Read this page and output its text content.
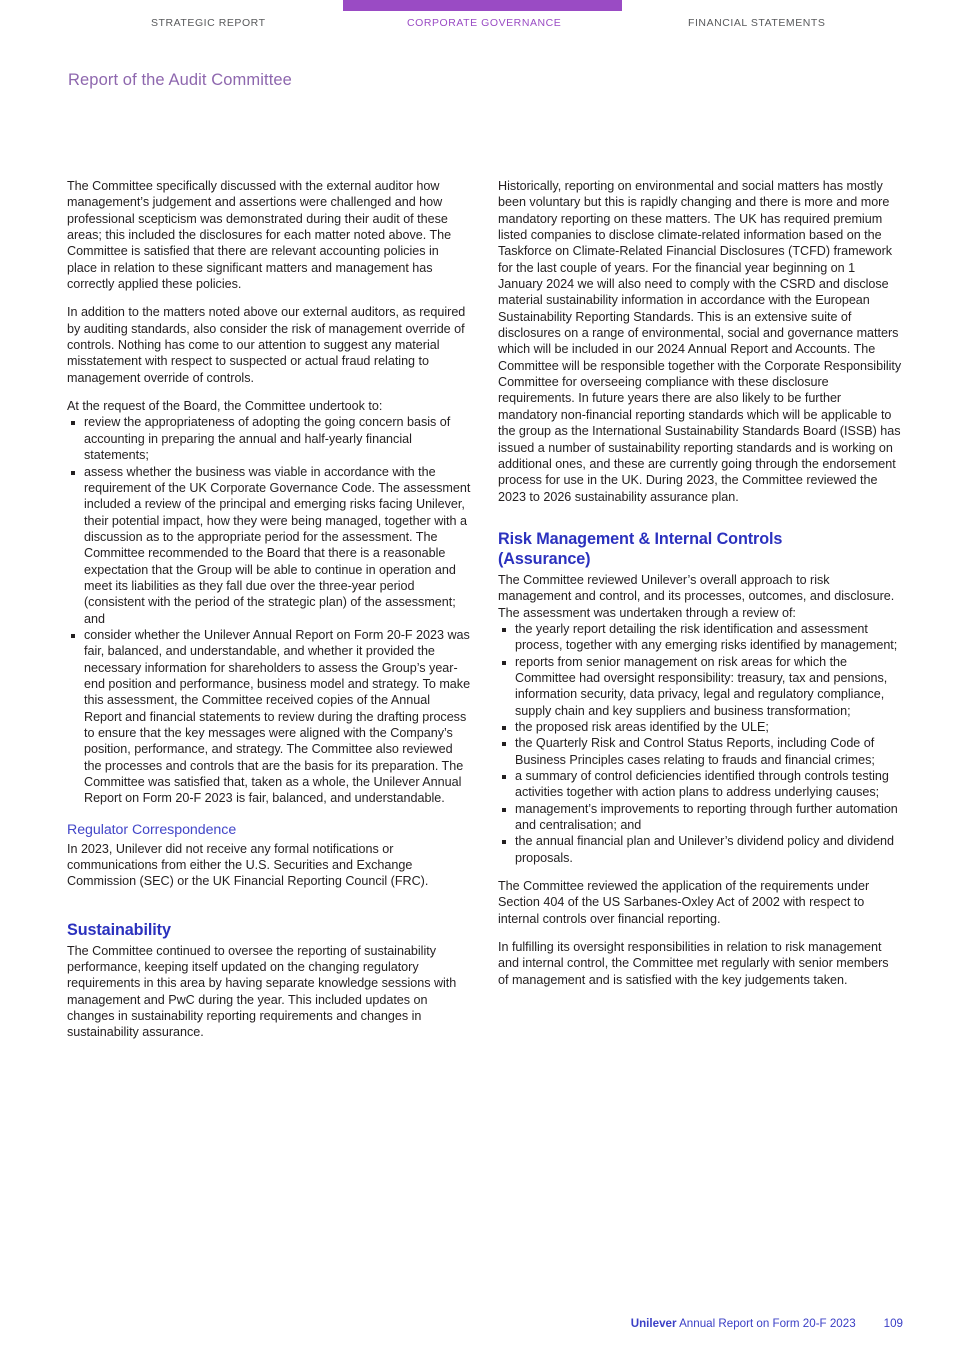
STRATEGIC REPORT	CORPORATE GOVERNANCE	FINANCIAL STATEMENTS
Report of the Audit Committee

The Committee specifically discussed with the external auditor how management’s judgement and assertions were challenged and how professional scepticism was demonstrated during their audit of these areas; this included the disclosures for each matter noted above. The Committee is satisfied that there are relevant accounting policies in place in relation to these significant matters and management has correctly applied these policies.

In addition to the matters noted above our external auditors, as required by auditing standards, also consider the risk of management override of controls. Nothing has come to our attention to suggest any material misstatement with respect to suspected or actual fraud relating to management override of controls.

At the request of the Board, the Committee undertook to:

review the appropriateness of adopting the going concern basis of accounting in preparing the annual and half-yearly financial statements;
assess whether the business was viable in accordance with the requirement of the UK Corporate Governance Code. The assessment included a review of the principal and emerging risks facing Unilever, their potential impact, how they were being managed, together with a discussion as to the appropriate period for the assessment. The Committee recommended to the Board that there is a reasonable expectation that the Group will be able to continue in operation and meet its liabilities as they fall due over the three-year period (consistent with the period of the strategic plan) of the assessment; and
consider whether the Unilever Annual Report on Form 20-F 2023 was fair, balanced, and understandable, and whether it provided the necessary information for shareholders to assess the Group’s year-end position and performance, business model and strategy. To make this assessment, the Committee received copies of the Annual Report and financial statements to review during the drafting process to ensure that the key messages were aligned with the Company’s position, performance, and strategy. The Committee also reviewed the processes and controls that are the basis for its preparation. The Committee was satisfied that, taken as a whole, the Unilever Annual Report on Form 20-F 2023 is fair, balanced, and understandable.
Regulator Correspondence

In 2023, Unilever did not receive any formal notifications or communications from either the U.S. Securities and Exchange Commission (SEC) or the UK Financial Reporting Council (FRC).

Sustainability

The Committee continued to oversee the reporting of sustainability performance, keeping itself updated on the changing regulatory requirements in this area by having separate knowledge sessions with management and PwC during the year. This included updates on changes in sustainability reporting requirements and changes in sustainability assurance.

Historically, reporting on environmental and social matters has mostly been voluntary but this is rapidly changing and there is more and more mandatory reporting on these matters. The UK has required premium listed companies to disclose climate-related information based on the Taskforce on Climate-Related Financial Disclosures (TCFD) framework for the last couple of years. For the financial year beginning on 1 January 2024 we will also need to comply with the CSRD and disclose material sustainability information in accordance with the European Sustainability Reporting Standards. This is an extensive suite of disclosures on a range of environmental, social and governance matters which will be included in our 2024 Annual Report and Accounts. The Committee will be responsible together with the Corporate Responsibility Committee for overseeing compliance with these disclosure requirements. In future years there are also likely to be further mandatory non-financial reporting standards which will be applicable to the group as the International Sustainability Standards Board (ISSB) has issued a number of sustainability reporting standards and is working on additional ones, and these are currently going through the endorsement process for use in the UK. During 2023, the Committee reviewed the 2023 to 2026 sustainability assurance plan.

Risk Management & Internal Controls
(Assurance)

The Committee reviewed Unilever’s overall approach to risk management and control, and its processes, outcomes, and disclosure. The assessment was undertaken through a review of:

the yearly report detailing the risk identification and assessment process, together with any emerging risks identified by management;
reports from senior management on risk areas for which the Committee had oversight responsibility: treasury, tax and pensions, information security, data privacy, legal and regulatory compliance, supply chain and key suppliers and business transformation;
the proposed risk areas identified by the ULE;
the Quarterly Risk and Control Status Reports, including Code of Business Principles cases relating to frauds and financial crimes;
a summary of control deficiencies identified through controls testing activities together with action plans to address underlying causes;
management’s improvements to reporting through further automation and centralisation; and
the annual financial plan and Unilever’s dividend policy and dividend proposals.

The Committee reviewed the application of the requirements under Section 404 of the US Sarbanes-Oxley Act of 2002 with respect to internal controls over financial reporting.

In fulfilling its oversight responsibilities in relation to risk management and internal control, the Committee met regularly with senior members of management and is satisfied with the key judgements taken.

Unilever Annual Report on Form 20-F 2023 109
